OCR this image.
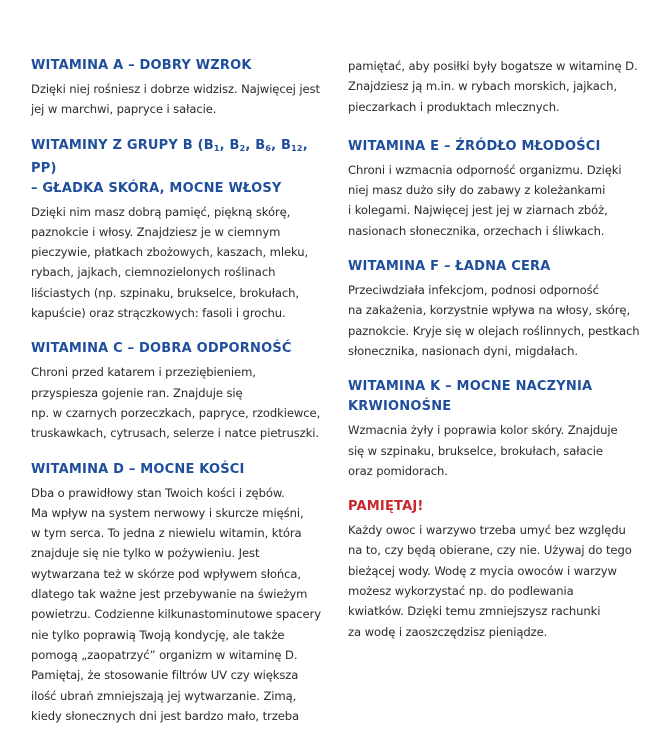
WITAMINA A – DOBRY WZROK
Dzięki niej rośniesz i dobrze widzisz. Najwięcej jest
jej w marchwi, papryce i sałacie.
WITAMINY Z GRUPY B ($B_1$, $B_2$, $B_6$, $B_{12}$, PP)
– GŁADKA SKÓRA, MOCNE WŁOSY
Dzięki nim masz dobrą pamięć, piękną skórę,
paznokcie i włosy. Znajdziesz je w ciemnym
pieczywie, płatkach zbożowych, kaszach, mleku,
rybach, jajkach, ciemnozielonych roślinach
liściastych (np. szpinaku, brukselce, brokułach,
kapuście) oraz strączkowych: fasoli i grochu.
WITAMINA C – DOBRA ODPORNOŚĆ
Chroni przed katarem i przeziębieniem,
przyspiesza gojenie ran. Znajduje się
np. w czarnych porzeczkach, papryce, rzodkiewce,
truskawkach, cytrusach, selerze i natce pietruszki.
WITAMINA D – MOCNE KOŚCI
Dba o prawidłowy stan Twoich kości i zębów.
Ma wpływ na system nerwowy i skurcze mięśni,
w tym serca. To jedna z niewielu witamin, która
znajduje się nie tylko w pożywieniu. Jest
wytwarzana też w skórze pod wpływem słońca,
dlatego tak ważne jest przebywanie na świeżym
powietrzu. Codzienne kilkunastominutowe spacery
nie tylko poprawią Twoją kondycję, ale także
pomogą „zaopatrzyć” organizm w witaminę D.
Pamiętaj, że stosowanie filtrów UV czy większa
ilość ubrań zmniejszają jej wytwarzanie. Zimą,
kiedy słonecznych dni jest bardzo mało, trzeba
pamiętać, aby posiłki były bogatsze w witaminę D.
Znajdziesz ją m.in. w rybach morskich, jajkach,
pieczarkach i produktach mlecznych.
WITAMINA E – ŹRÓDŁO MŁODOŚCI
Chroni i wzmacnia odporność organizmu. Dzięki
niej masz dużo siły do zabawy z koleżankami
i kolegami. Najwięcej jest jej w ziarnach zbóż,
nasionach słonecznika, orzechach i śliwkach.
WITAMINA F – ŁADNA CERA
Przeciwdziała infekcjom, podnosi odporność
na zakażenia, korzystnie wpływa na włosy, skórę,
paznokcie. Kryje się w olejach roślinnych, pestkach
słonecznika, nasionach dyni, migdałach.
WITAMINA K – MOCNE NACZYNIA
KRWIONOŚNE
Wzmacnia żyły i poprawia kolor skóry. Znajduje
się w szpinaku, brukselce, brokułach, sałacie
oraz pomidorach.
PAMIĘTAJ!
Każdy owoc i warzywo trzeba umyć bez względu
na to, czy będą obierane, czy nie. Używaj do tego
bieżącej wody. Wodę z mycia owoców i warzyw
możesz wykorzystać np. do podlewania
kwiatków. Dzięki temu zmniejszysz rachunki
za wodę i zaoszczędzisz pieniądze.
